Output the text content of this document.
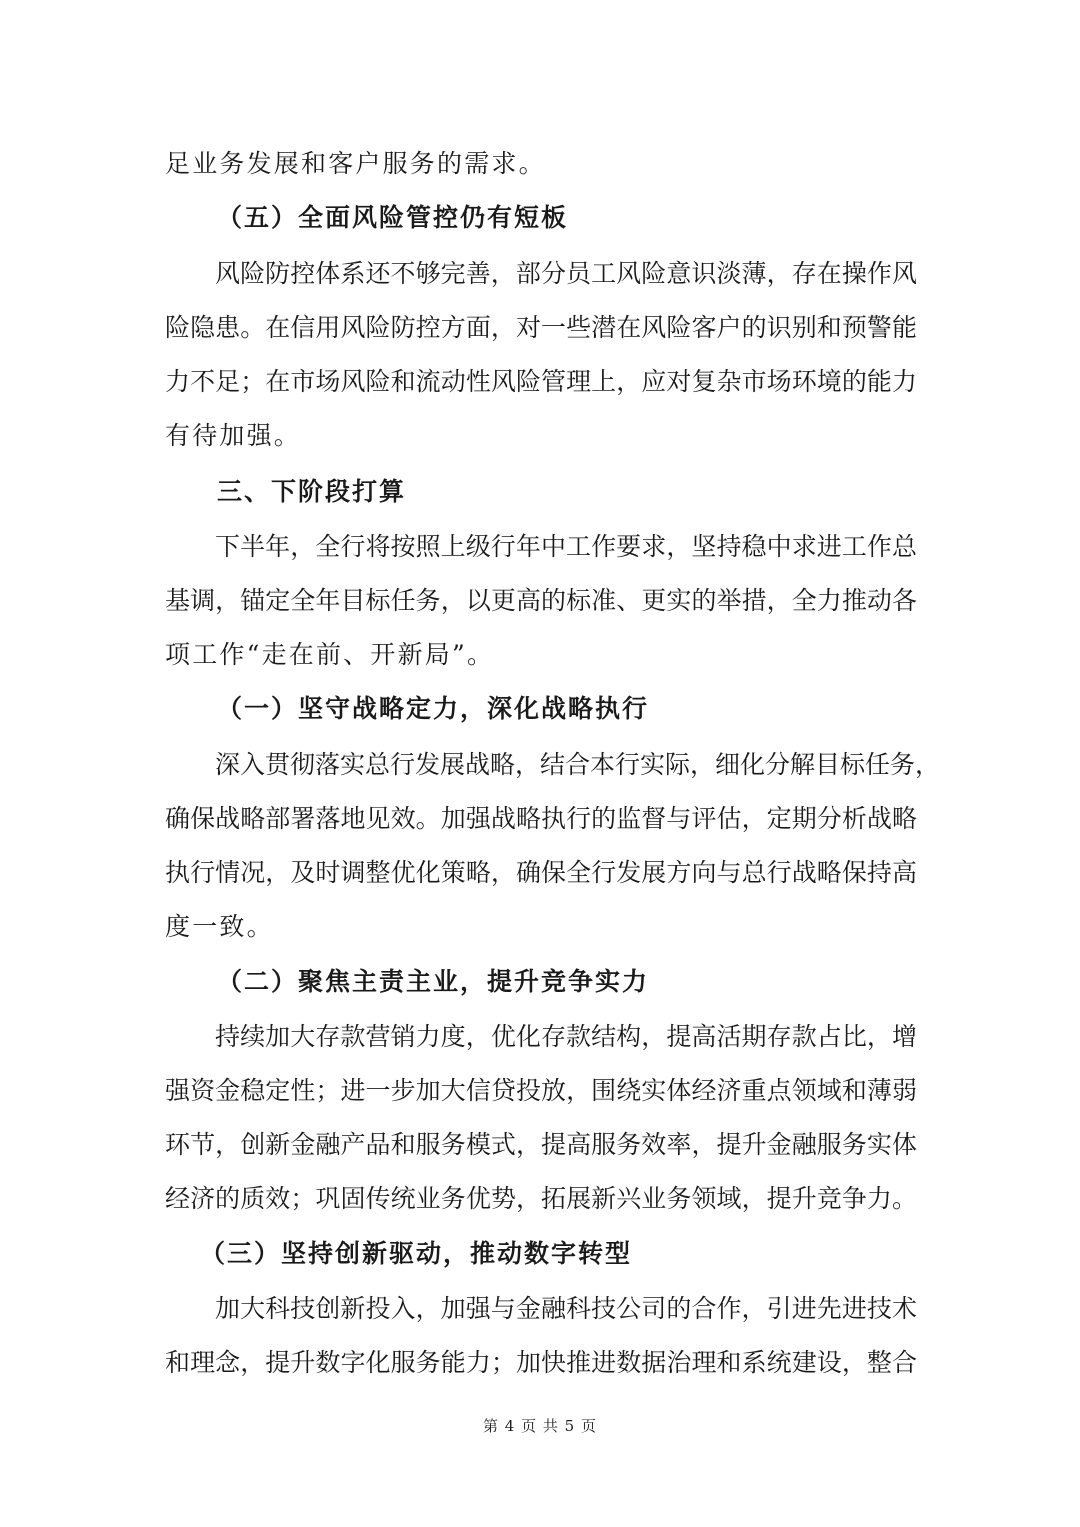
足业务发展和客户服务的需求。
（五）全面风险管控仍有短板
风险防控体系还不够完善，部分员工风险意识淡薄，存在操作风
险隐患。在信用风险防控方面，对一些潜在风险客户的识别和预警能
力不足；在市场风险和流动性风险管理上，应对复杂市场环境的能力
有待加强。
三、下阶段打算
下半年，全行将按照上级行年中工作要求，坚持稳中求进工作总
基调，锚定全年目标任务，以更高的标准、更实的举措，全力推动各
项工作“走在前、开新局”。
（一）坚守战略定力，深化战略执行
深入贯彻落实总行发展战略，结合本行实际，细化分解目标任务，
确保战略部署落地见效。加强战略执行的监督与评估，定期分析战略
执行情况，及时调整优化策略，确保全行发展方向与总行战略保持高
度一致。
（二）聚焦主责主业，提升竞争实力
持续加大存款营销力度，优化存款结构，提高活期存款占比，增
强资金稳定性；进一步加大信贷投放，围绕实体经济重点领域和薄弱
环节，创新金融产品和服务模式，提高服务效率，提升金融服务实体
经济的质效；巩固传统业务优势，拓展新兴业务领域，提升竞争力。
（三）坚持创新驱动，推动数字转型
加大科技创新投入，加强与金融科技公司的合作，引进先进技术
和理念，提升数字化服务能力；加快推进数据治理和系统建设，整合
第 4 页 共 5 页
